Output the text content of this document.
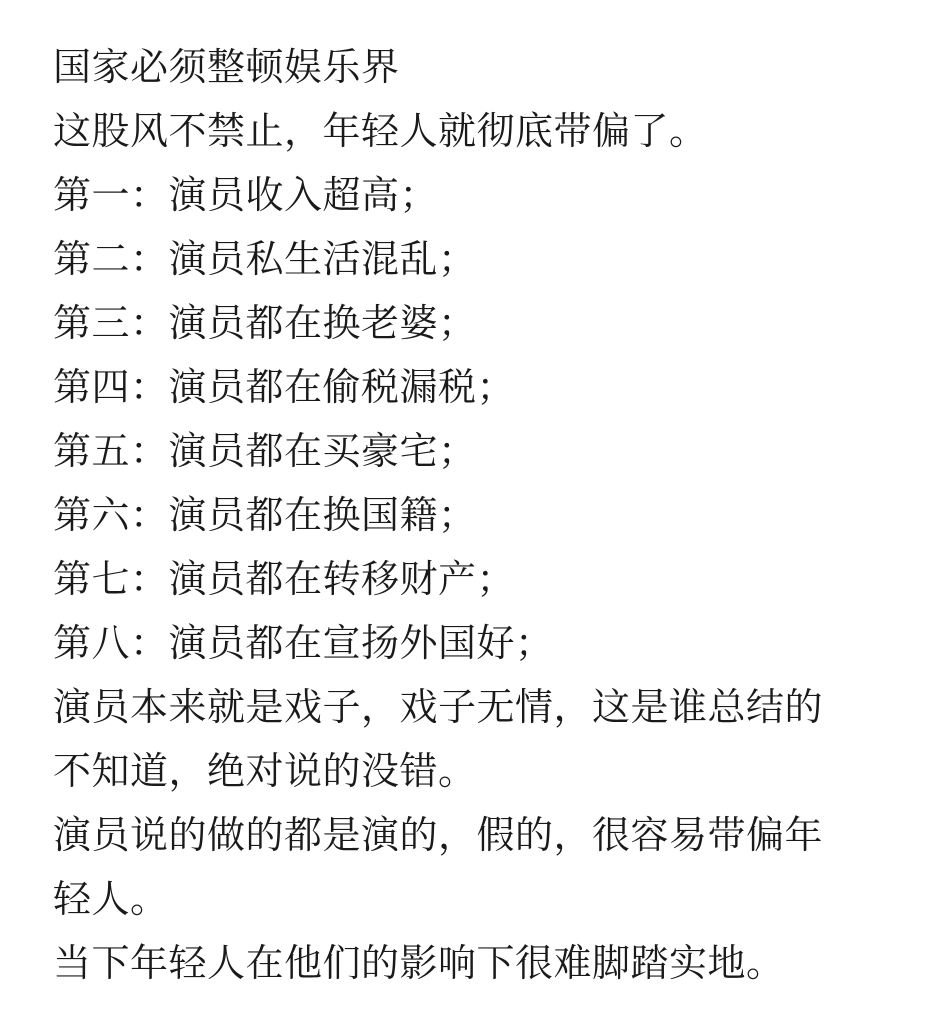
国家必须整顿娱乐界
这股风不禁止，年轻人就彻底带偏了。
第一：演员收入超高；
第二：演员私生活混乱；
第三：演员都在换老婆；
第四：演员都在偷税漏税；
第五：演员都在买豪宅；
第六：演员都在换国籍；
第七：演员都在转移财产；
第八：演员都在宣扬外国好；
演员本来就是戏子，戏子无情，这是谁总结的
不知道，绝对说的没错。
演员说的做的都是演的，假的，很容易带偏年
轻人。
当下年轻人在他们的影响下很难脚踏实地。
